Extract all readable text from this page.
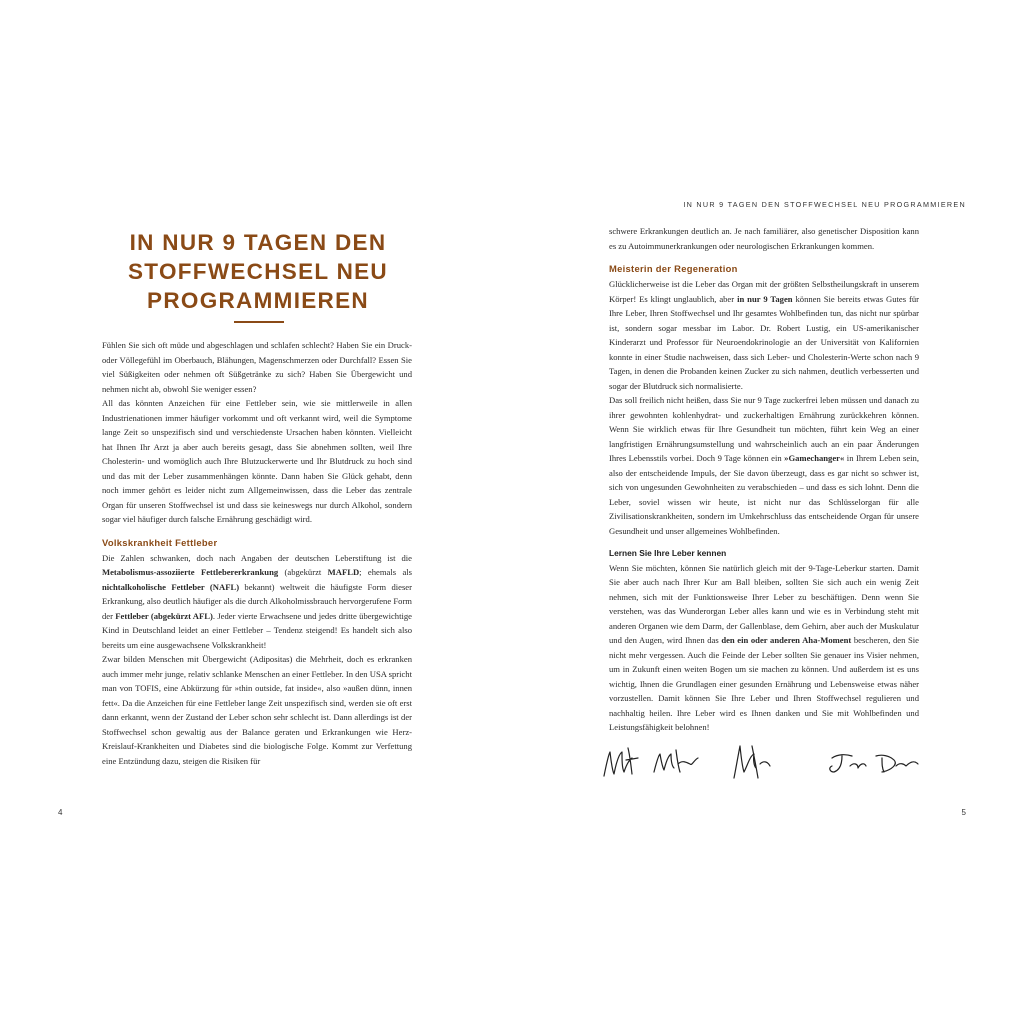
IN NUR 9 TAGEN DEN
STOFFWECHSEL NEU
PROGRAMMIEREN

Fühlen Sie sich oft müde und abgeschlagen und schlafen schlecht? Haben Sie ein Druck- oder Völlegefühl im Oberbauch, Blähungen, Magenschmerzen oder Durchfall? Essen Sie viel Süßigkeiten oder nehmen oft Süßgetränke zu sich? Haben Sie Übergewicht und nehmen nicht ab, obwohl Sie weniger essen?

All das könnten Anzeichen für eine Fettleber sein, wie sie mittlerweile in allen Industrienationen immer häufiger vorkommt und oft verkannt wird, weil die Symptome lange Zeit so unspezifisch sind und verschiedenste Ursachen haben könnten. Vielleicht hat Ihnen Ihr Arzt ja aber auch bereits gesagt, dass Sie abnehmen sollten, weil Ihre Cholesterin- und womöglich auch Ihre Blutzuckerwerte und Ihr Blutdruck zu hoch sind und das mit der Leber zusammenhängen könnte. Dann haben Sie Glück gehabt, denn noch immer gehört es leider nicht zum Allgemeinwissen, dass die Leber das zentrale Organ für unseren Stoffwechsel ist und dass sie keineswegs nur durch Alkohol, sondern sogar viel häufiger durch falsche Ernährung geschädigt wird.

Volkskrankheit Fettleber

Die Zahlen schwanken, doch nach Angaben der deutschen Leberstiftung ist die Metabolismus-assoziierte Fettlebererkrankung (abgekürzt MAFLD; ehemals als nichtalkoholische Fettleber (NAFL) bekannt) weltweit die häufigste Form dieser Erkrankung, also deutlich häufiger als die durch Alkoholmissbrauch hervorgerufene Form der Fettleber (abgekürzt AFL). Jeder vierte Erwachsene und jedes dritte übergewichtige Kind in Deutschland leidet an einer Fettleber – Tendenz steigend! Es handelt sich also bereits um eine ausgewachsene Volkskrankheit!

Zwar bilden Menschen mit Übergewicht (Adipositas) die Mehrheit, doch es erkranken auch immer mehr junge, relativ schlanke Menschen an einer Fettleber. In den USA spricht man von TOFIS, eine Abkürzung für »thin outside, fat inside«, also »außen dünn, innen fett«. Da die Anzeichen für eine Fettleber lange Zeit unspezifisch sind, werden sie oft erst dann erkannt, wenn der Zustand der Leber schon sehr schlecht ist. Dann allerdings ist der Stoffwechsel schon gewaltig aus der Balance geraten und Erkrankungen wie Herz-Kreislauf-Krankheiten und Diabetes sind die biologische Folge. Kommt zur Verfettung eine Entzündung dazu, steigen die Risiken für

4
IN NUR 9 TAGEN DEN STOFFWECHSEL NEU PROGRAMMIEREN
5

schwere Erkrankungen deutlich an. Je nach familiärer, also genetischer Disposition kann es zu Autoimmunerkrankungen oder neurologischen Erkrankungen kommen.

Meisterin der Regeneration

Glücklicherweise ist die Leber das Organ mit der größten Selbstheilungskraft in unserem Körper! Es klingt unglaublich, aber in nur 9 Tagen können Sie bereits etwas Gutes für Ihre Leber, Ihren Stoffwechsel und Ihr gesamtes Wohlbefinden tun, das nicht nur spürbar ist, sondern sogar messbar im Labor. Dr. Robert Lustig, ein US-amerikanischer Kinderarzt und Professor für Neuroendokrinologie an der Universität von Kalifornien konnte in einer Studie nachweisen, dass sich Leber- und Cholesterin-Werte schon nach 9 Tagen, in denen die Probanden keinen Zucker zu sich nahmen, deutlich verbesserten und sogar der Blutdruck sich normalisierte.

Das soll freilich nicht heißen, dass Sie nur 9 Tage zuckerfrei leben müssen und danach zu ihrer gewohnten kohlenhydrat- und zuckerhaltigen Ernährung zurückkehren können. Wenn Sie wirklich etwas für Ihre Gesundheit tun möchten, führt kein Weg an einer langfristigen Ernährungsumstellung und wahrscheinlich auch an ein paar Änderungen Ihres Lebensstils vorbei. Doch 9 Tage können ein »Gamechanger« in Ihrem Leben sein, also der entscheidende Impuls, der Sie davon überzeugt, dass es gar nicht so schwer ist, sich von ungesunden Gewohnheiten zu verabschieden – und dass es sich lohnt. Denn die Leber, soviel wissen wir heute, ist nicht nur das Schlüsselorgan für alle Zivilisationskrankheiten, sondern im Umkehrschluss das entscheidende Organ für unsere Gesundheit und unser allgemeines Wohlbefinden.

Lernen Sie Ihre Leber kennen

Wenn Sie möchten, können Sie natürlich gleich mit der 9-Tage-Leberkur starten. Damit Sie aber auch nach Ihrer Kur am Ball bleiben, sollten Sie sich auch ein wenig Zeit nehmen, sich mit der Funktionsweise Ihrer Leber zu beschäftigen. Denn wenn Sie verstehen, was das Wunderorgan Leber alles kann und wie es in Verbindung steht mit anderen Organen wie dem Darm, der Gallenblase, dem Gehirn, aber auch der Muskulatur und den Augen, wird Ihnen das den ein oder anderen Aha-Moment bescheren, den Sie nicht mehr vergessen. Auch die Feinde der Leber sollten Sie genauer ins Visier nehmen, um in Zukunft einen weiten Bogen um sie machen zu können. Und außerdem ist es uns wichtig, Ihnen die Grundlagen einer gesunden Ernährung und Lebensweise etwas näher vorzustellen. Damit können Sie Ihre Leber und Ihren Stoffwechsel regulieren und nachhaltig heilen. Ihre Leber wird es Ihnen danken und Sie mit Wohlbefinden und Leistungsfähigkeit belohnen!
